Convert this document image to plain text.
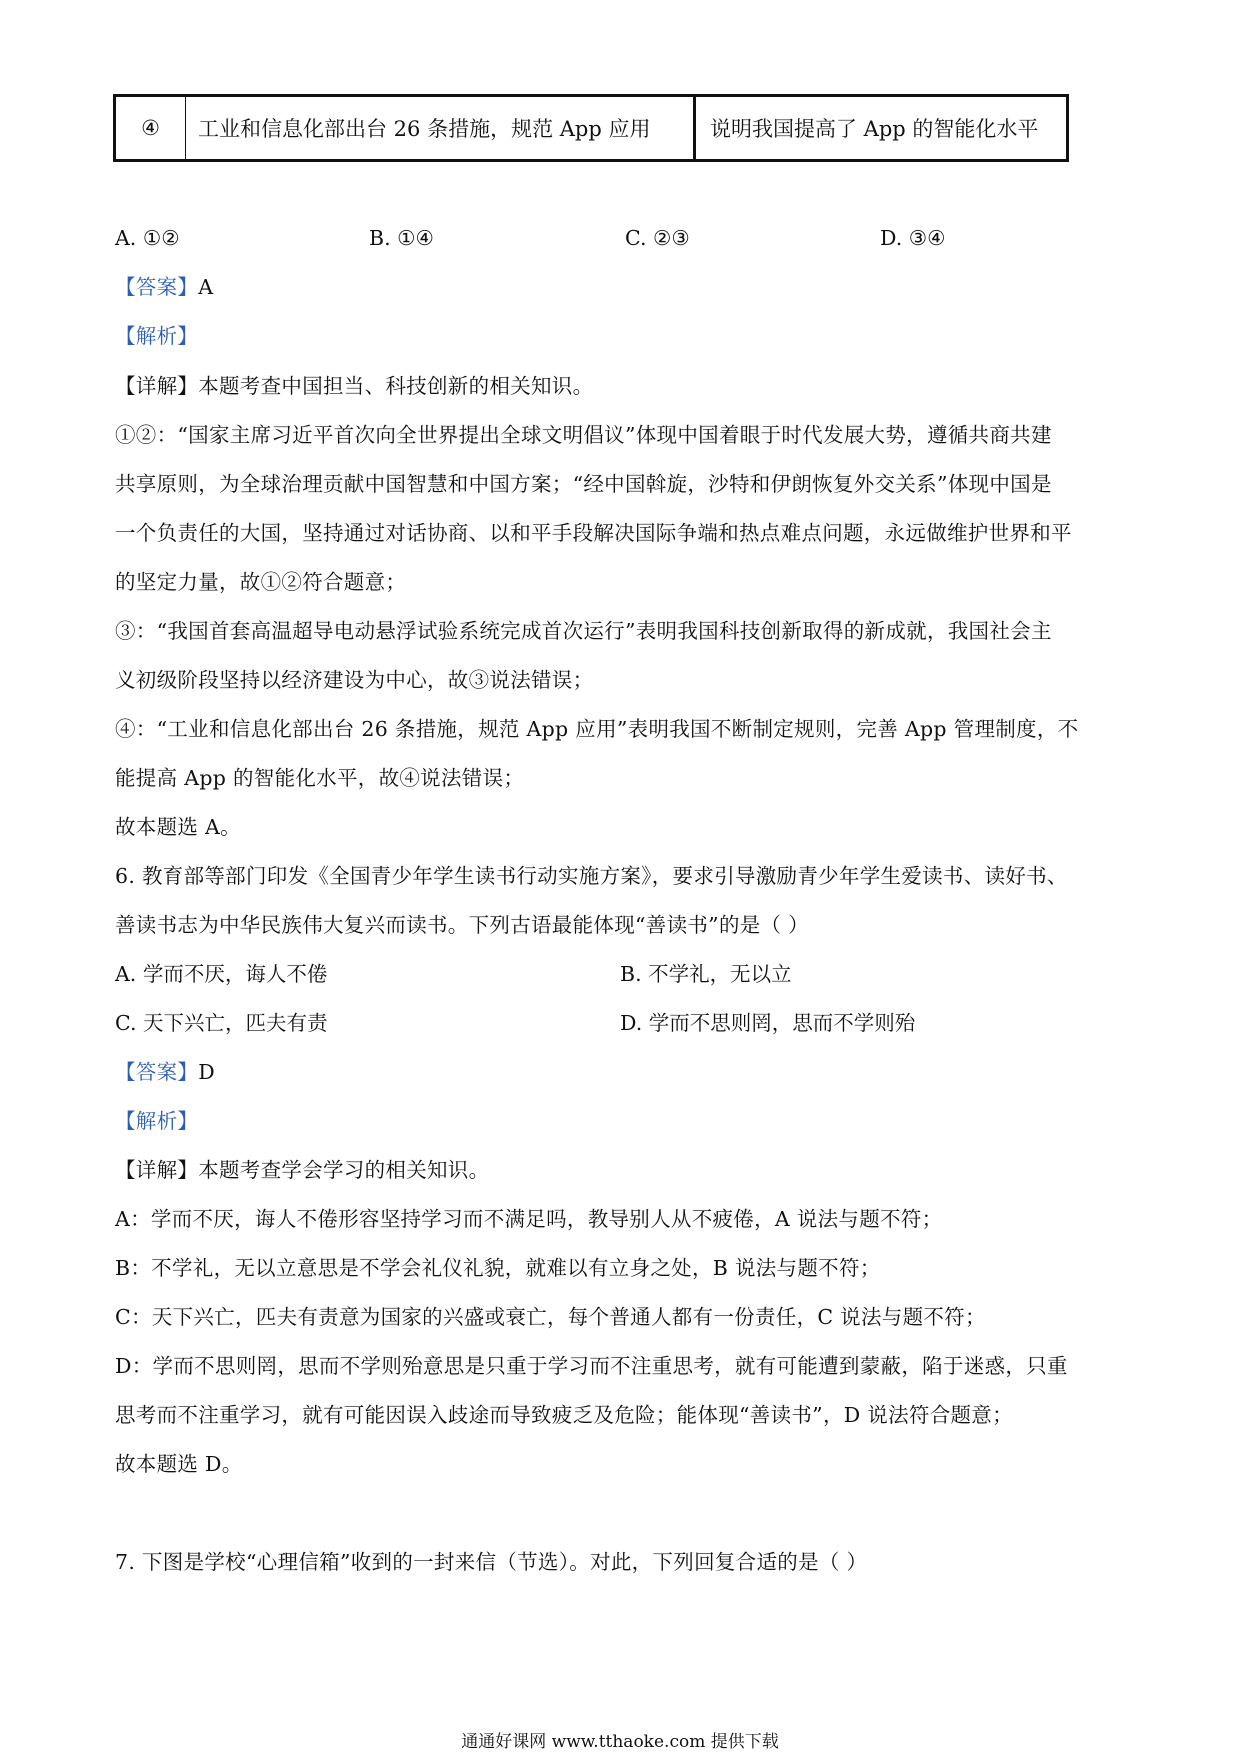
④	工业和信息化部出台 26 条措施，规范 App 应用	说明我国提高了 App 的智能化水平
A. ①②	B. ①④	C. ②③	D. ③④
【答案】A
【解析】
【详解】本题考查中国担当、科技创新的相关知识。
①②：“国家主席习近平首次向全世界提出全球文明倡议”体现中国着眼于时代发展大势，遵循共商共建
共享原则，为全球治理贡献中国智慧和中国方案；“经中国斡旋，沙特和伊朗恢复外交关系”体现中国是
一个负责任的大国，坚持通过对话协商、以和平手段解决国际争端和热点难点问题，永远做维护世界和平
的坚定力量，故①②符合题意；
③：“我国首套高温超导电动悬浮试验系统完成首次运行”表明我国科技创新取得的新成就，我国社会主
义初级阶段坚持以经济建设为中心，故③说法错误；
④：“工业和信息化部出台 26 条措施，规范 App 应用”表明我国不断制定规则，完善 App 管理制度，不
能提高 App 的智能化水平，故④说法错误；
故本题选 A。
6. 教育部等部门印发《全国青少年学生读书行动实施方案》，要求引导激励青少年学生爱读书、读好书、
善读书志为中华民族伟大复兴而读书。下列古语最能体现“善读书”的是（ ）
A. 学而不厌，诲人不倦	B. 不学礼，无以立
C. 天下兴亡，匹夫有责	D. 学而不思则罔，思而不学则殆
【答案】D
【解析】
【详解】本题考查学会学习的相关知识。
A：学而不厌，诲人不倦形容坚持学习而不满足吗，教导别人从不疲倦，A 说法与题不符；
B：不学礼，无以立意思是不学会礼仪礼貌，就难以有立身之处，B 说法与题不符；
C：天下兴亡，匹夫有责意为国家的兴盛或衰亡，每个普通人都有一份责任，C 说法与题不符；
D：学而不思则罔，思而不学则殆意思是只重于学习而不注重思考，就有可能遭到蒙蔽，陷于迷惑，只重
思考而不注重学习，就有可能因误入歧途而导致疲乏及危险；能体现“善读书”，D 说法符合题意；
故本题选 D。
7. 下图是学校“心理信箱”收到的一封来信（节选）。对此，下列回复合适的是（ ）
通通好课网 www.tthaoke.com 提供下载
